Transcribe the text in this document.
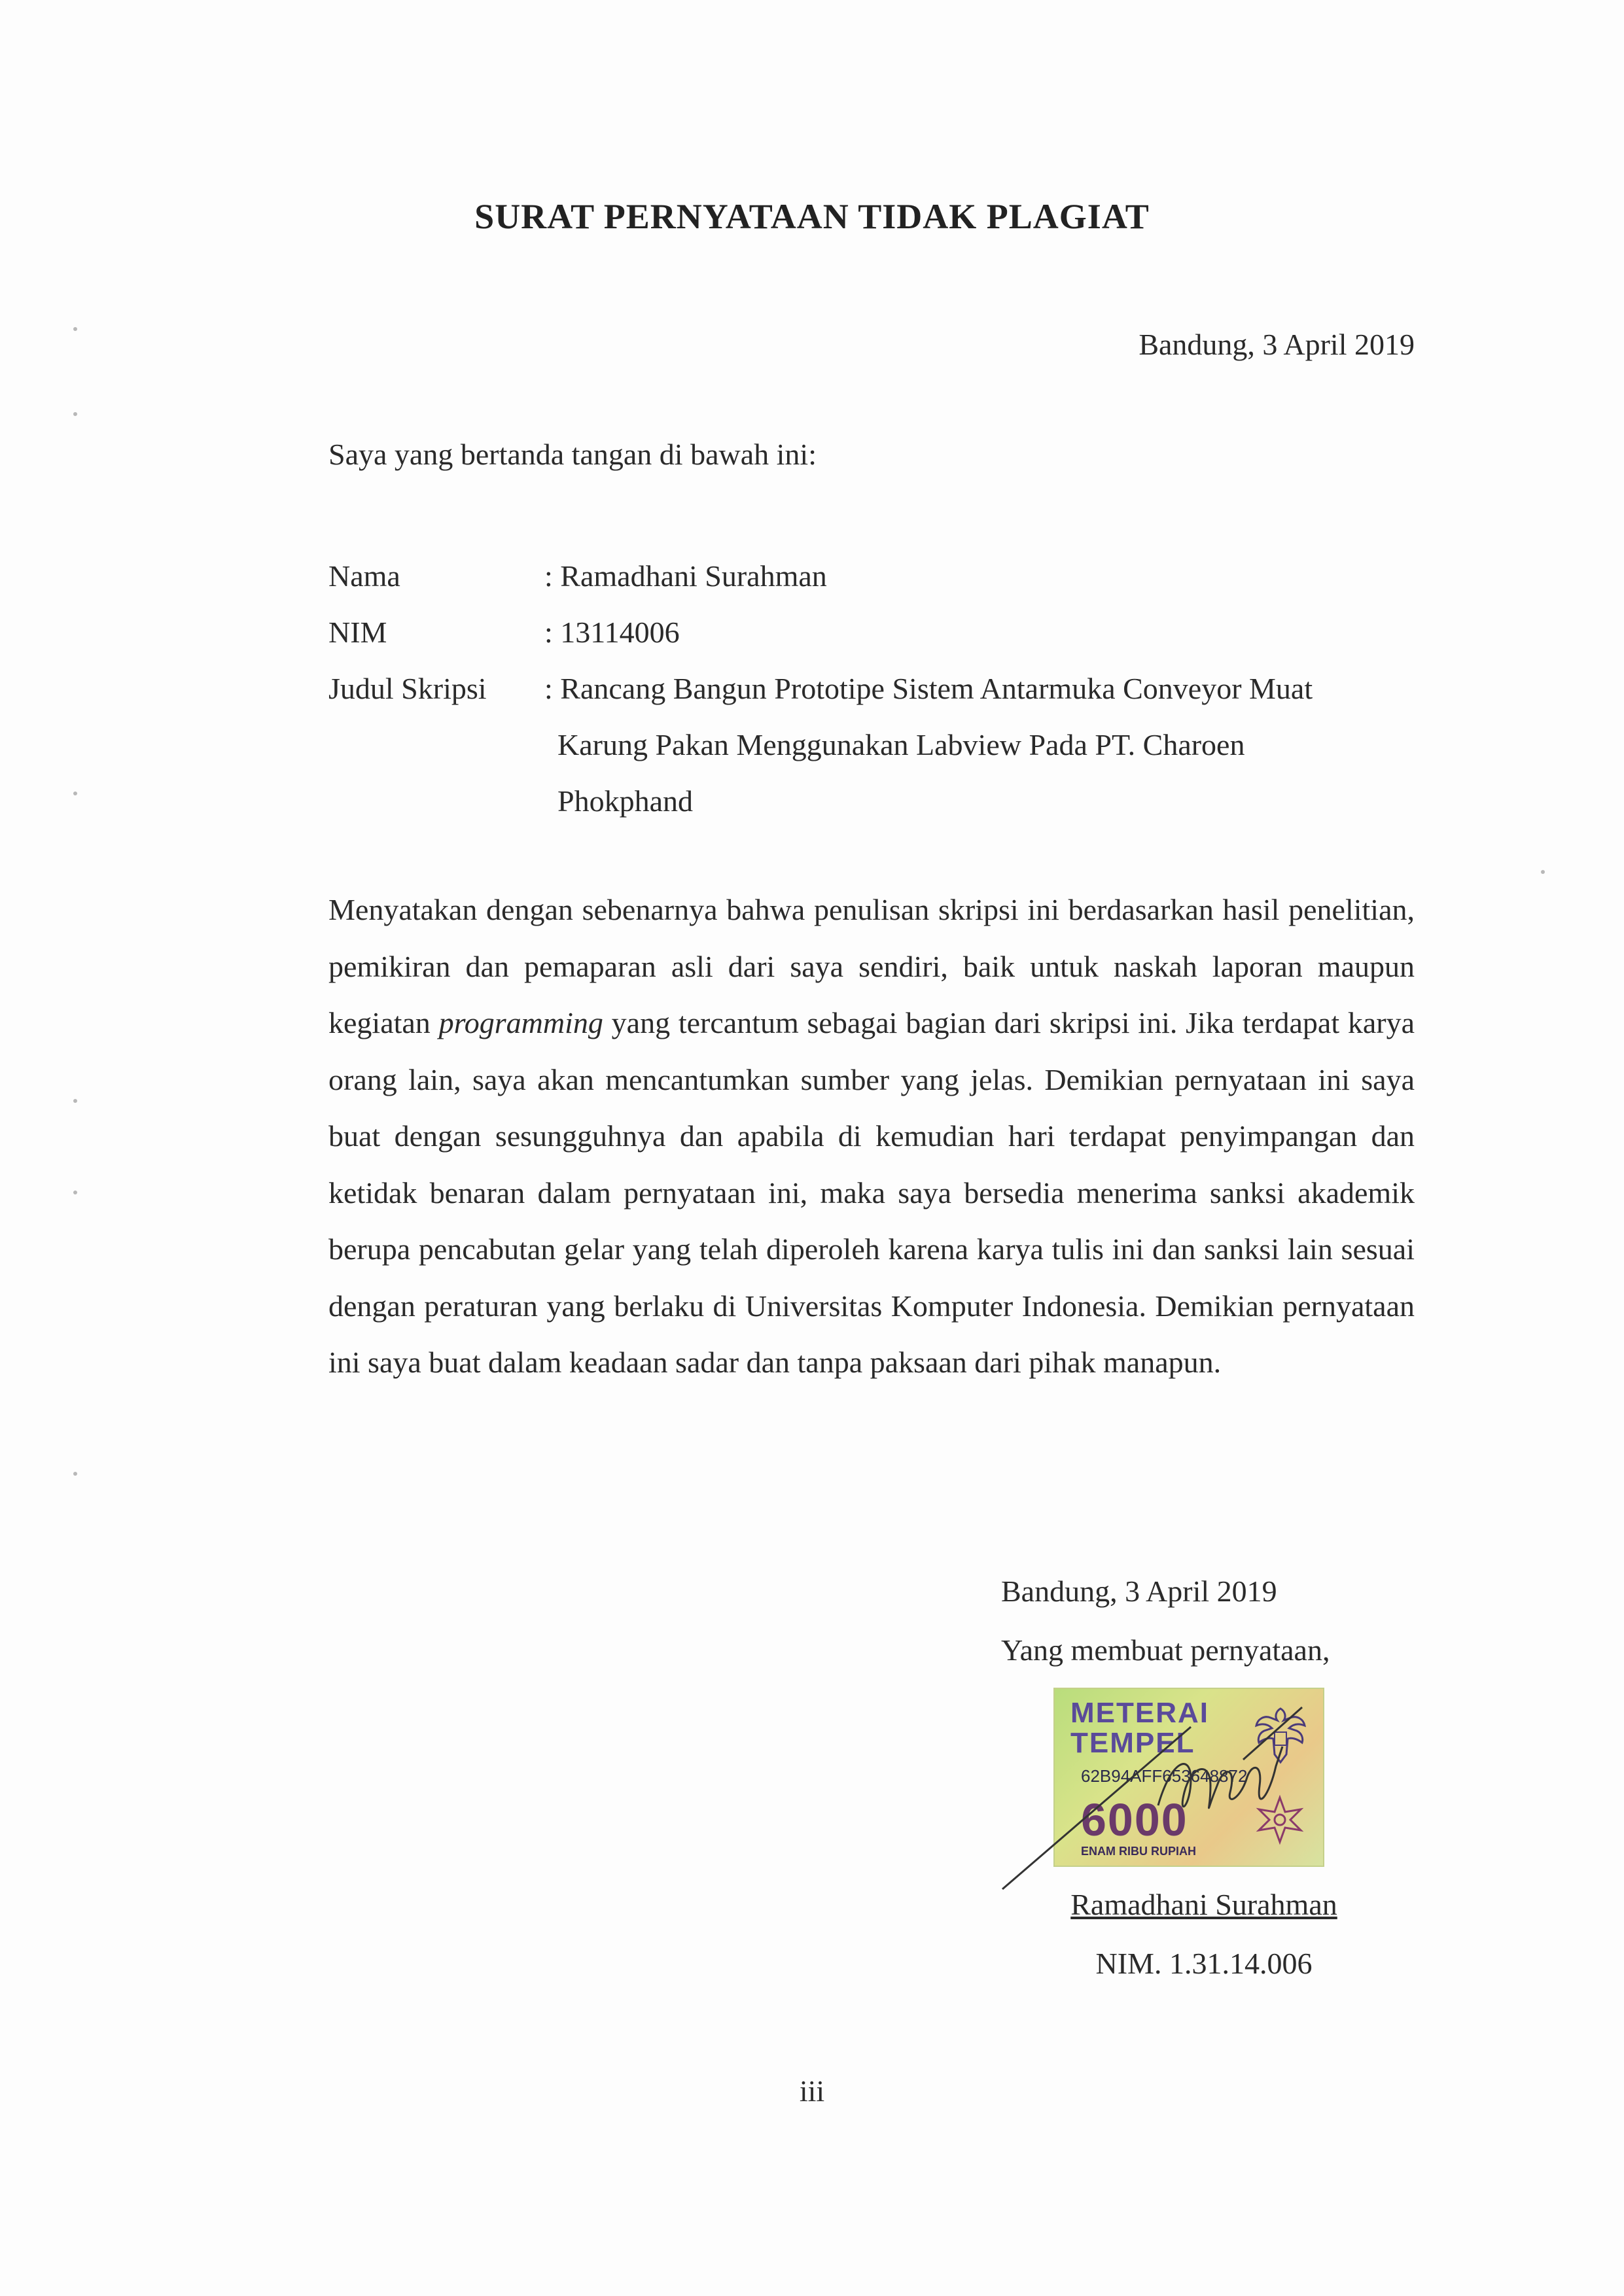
SURAT PERNYATAAN TIDAK PLAGIAT
Bandung, 3 April 2019
Saya yang bertanda tangan di bawah ini:
Nama	: Ramadhani Surahman
NIM	: 13114006
Judul Skripsi	: Rancang Bangun Prototipe Sistem Antarmuka Conveyor Muat
Karung Pakan Menggunakan Labview Pada PT. Charoen
Phokphand

Menyatakan dengan sebenarnya bahwa penulisan skripsi ini berdasarkan hasil penelitian, pemikiran dan pemaparan asli dari saya sendiri, baik untuk naskah laporan maupun kegiatan programming yang tercantum sebagai bagian dari skripsi ini. Jika terdapat karya orang lain, saya akan mencantumkan sumber yang jelas. Demikian pernyataan ini saya buat dengan sesungguhnya dan apabila di kemudian hari terdapat penyimpangan dan ketidak benaran dalam pernyataan ini, maka saya bersedia menerima sanksi akademik berupa pencabutan gelar yang telah diperoleh karena karya tulis ini dan sanksi lain sesuai dengan peraturan yang berlaku di Universitas Komputer Indonesia. Demikian pernyataan ini saya buat dalam keadaan sadar dan tanpa paksaan dari pihak manapun.

Bandung, 3 April 2019
Yang membuat pernyataan,
METERAI
TEMPEL
62B94AFF653648872
6000
ENAM RIBU RUPIAH
Ramadhani Surahman
NIM. 1.31.14.006
iii
